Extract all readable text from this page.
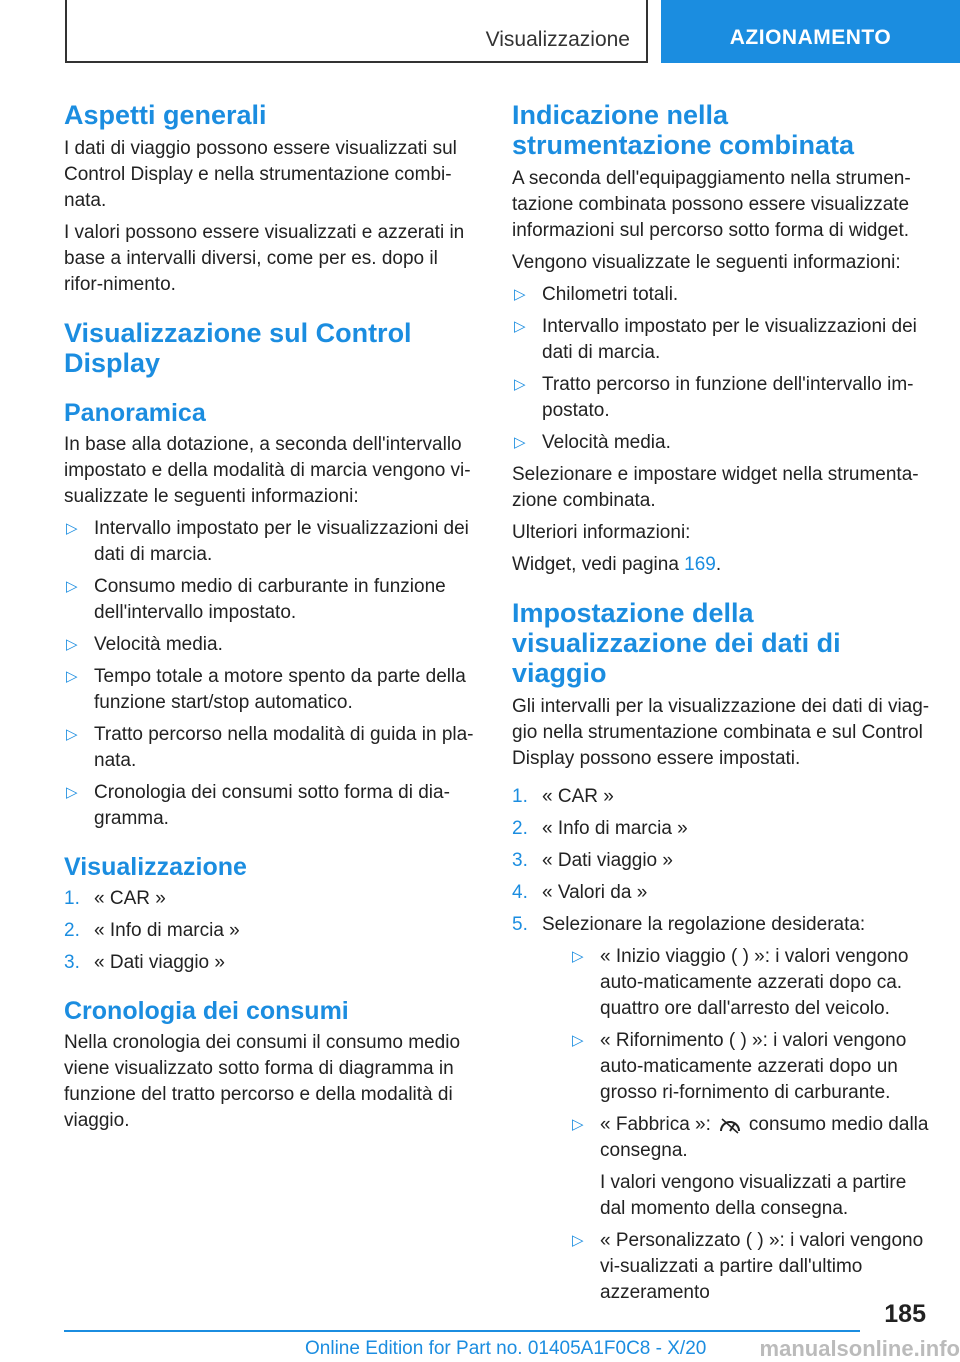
Visualizzazione	AZIONAMENTO
Aspetti generali

I dati di viaggio possono essere visualizzati sul Control Display e nella strumentazione combi-nata.

I valori possono essere visualizzati e azzerati in base a intervalli diversi, come per es. dopo il rifor-nimento.

Visualizzazione sul Control Display
Panoramica

In base alla dotazione, a seconda dell'intervallo impostato e della modalità di marcia vengono vi-sualizzate le seguenti informazioni:

▷ Intervallo impostato per le visualizzazioni dei dati di marcia.
▷ Consumo medio di carburante in funzione dell'intervallo impostato.
▷ Velocità media.
▷ Tempo totale a motore spento da parte della funzione start/stop automatico.
▷ Tratto percorso nella modalità di guida in pla-nata.
▷ Cronologia dei consumi sotto forma di dia-gramma.
Visualizzazione
1. « CAR »
2. « Info di marcia »
3. « Dati viaggio »
Cronologia dei consumi

Nella cronologia dei consumi il consumo medio viene visualizzato sotto forma di diagramma in funzione del tratto percorso e della modalità di viaggio.

Indicazione nella strumentazione combinata

A seconda dell'equipaggiamento nella strumen-tazione combinata possono essere visualizzate informazioni sul percorso sotto forma di widget.

Vengono visualizzate le seguenti informazioni:

▷ Chilometri totali.
▷ Intervallo impostato per le visualizzazioni dei dati di marcia.
▷ Tratto percorso in funzione dell'intervallo im-postato.
▷ Velocità media.

Selezionare e impostare widget nella strumenta-zione combinata.

Ulteriori informazioni:

Widget, vedi pagina 169.

Impostazione della visualizzazione dei dati di viaggio

Gli intervalli per la visualizzazione dei dati di viag-gio nella strumentazione combinata e sul Control Display possono essere impostati.

1. « CAR »
2. « Info di marcia »
3. « Dati viaggio »
4. « Valori da »
5. Selezionare la regolazione desiderata:
▷ « Inizio viaggio ( ) »: i valori vengono auto-maticamente azzerati dopo ca. quattro ore dall'arresto del veicolo.
▷ « Rifornimento ( ) »: i valori vengono auto-maticamente azzerati dopo un grosso ri-fornimento di carburante.
▷ « Fabbrica »: consumo medio dalla consegna.

I valori vengono visualizzati a partire dal momento della consegna.

▷ « Personalizzato ( ) »: i valori vengono vi-sualizzati a partire dall'ultimo azzeramento
185
Online Edition for Part no. 01405A1F0C8 - X/20 manualsonline.info
